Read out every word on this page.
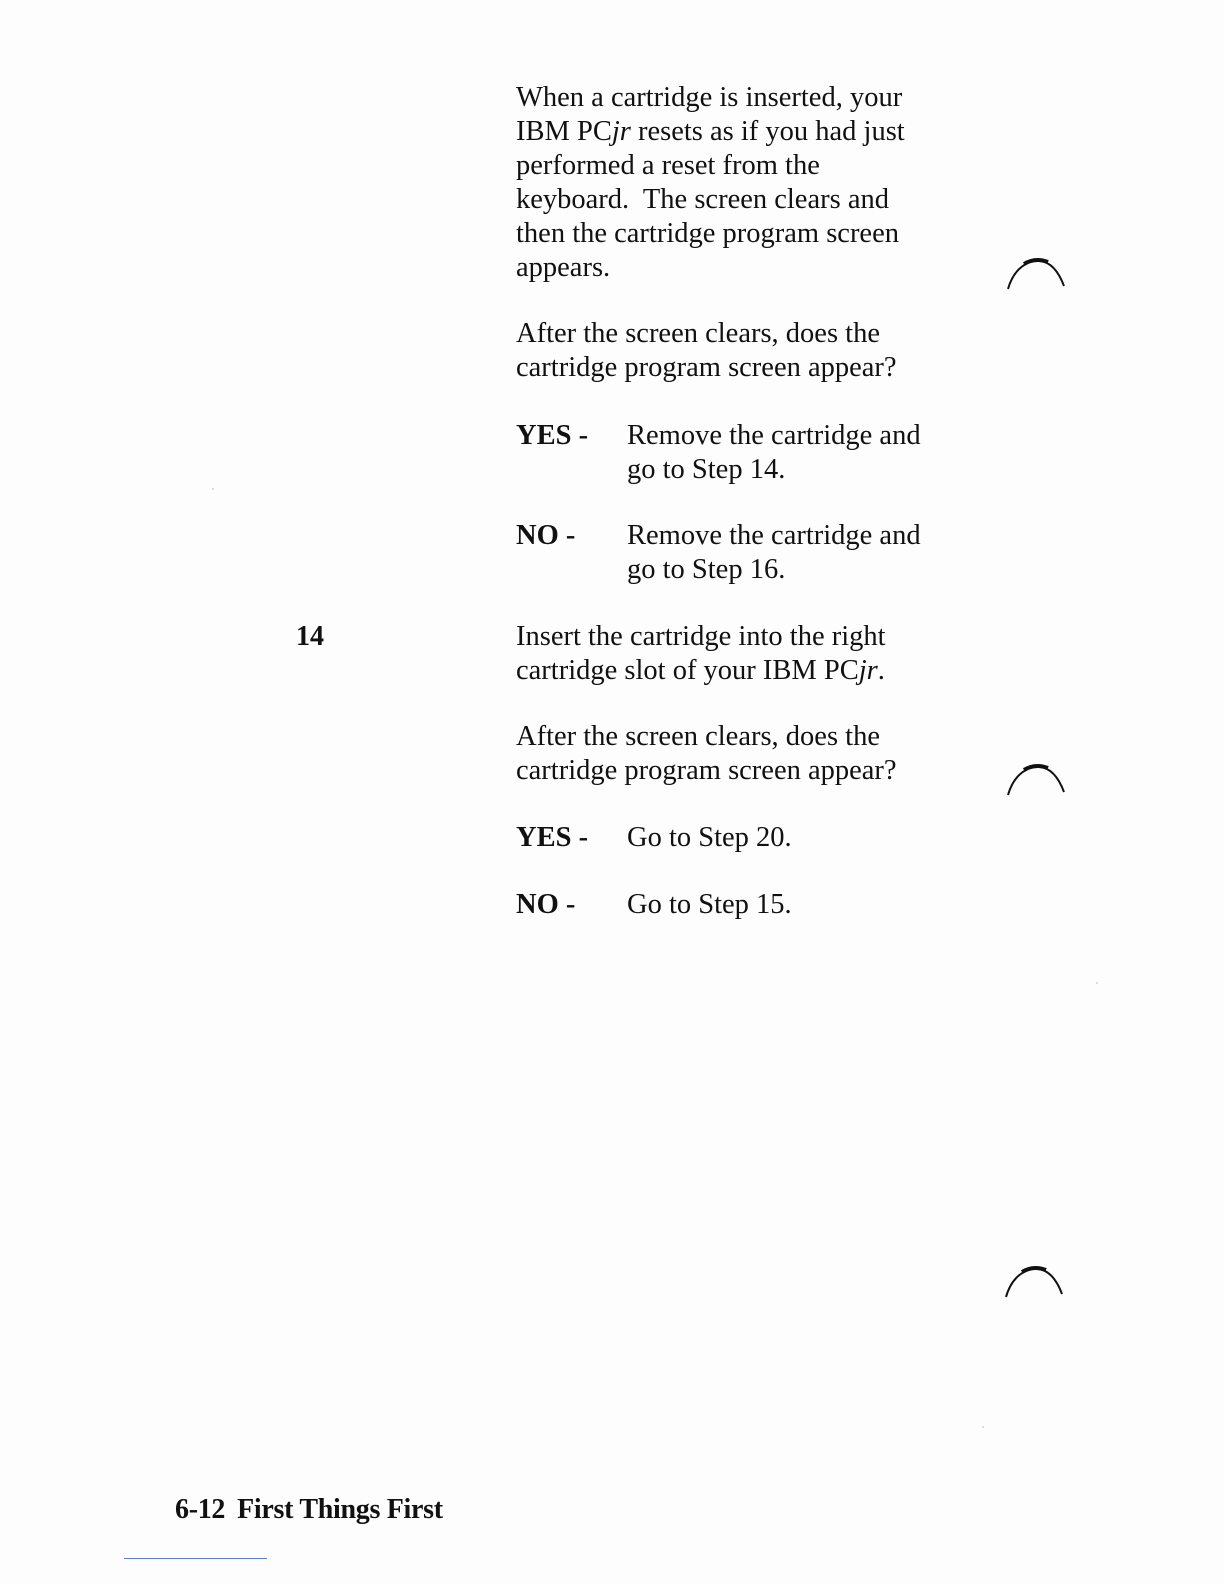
When a cartridge is inserted, your
IBM PCjr resets as if you had just
performed a reset from the
keyboard.  The screen clears and
then the cartridge program screen
appears.
After the screen clears, does the
cartridge program screen appear?
YES - Remove the cartridge and
go to Step 14.
NO - Remove the cartridge and
go to Step 16.
14	Insert the cartridge into the right
cartridge slot of your IBM PCjr.
After the screen clears, does the
cartridge program screen appear?
YES - Go to Step 20.
NO - Go to Step 15.
6-12 First Things First
